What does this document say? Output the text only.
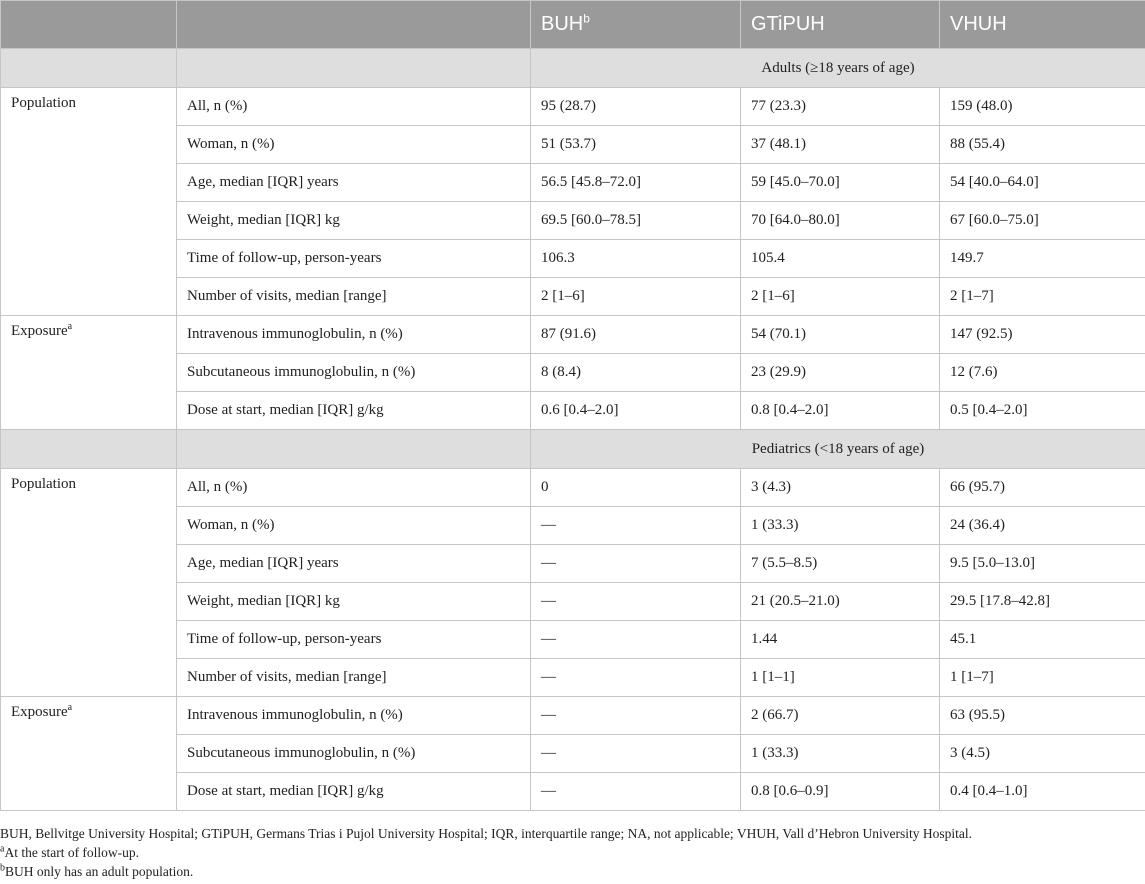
		BUH$^b$	GTiPUH	VHUH
		Adults (≥18 years of age)		
Population	All, n (%)	95 (28.7)	77 (23.3)	159 (48.0)
	Woman, n (%)	51 (53.7)	37 (48.1)	88 (55.4)
	Age, median [IQR] years	56.5 [45.8–72.0]	59 [45.0–70.0]	54 [40.0–64.0]
	Weight, median [IQR] kg	69.5 [60.0–78.5]	70 [64.0–80.0]	67 [60.0–75.0]
	Time of follow-up, person-years	106.3	105.4	149.7
	Number of visits, median [range]	2 [1–6]	2 [1–6]	2 [1–7]
Exposure$^a$	Intravenous immunoglobulin, n (%)	87 (91.6)	54 (70.1)	147 (92.5)
	Subcutaneous immunoglobulin, n (%)	8 (8.4)	23 (29.9)	12 (7.6)
	Dose at start, median [IQR] g/kg	0.6 [0.4–2.0]	0.8 [0.4–2.0]	0.5 [0.4–2.0]
		Pediatrics (<18 years of age)		
Population	All, n (%)	0	3 (4.3)	66 (95.7)
	Woman, n (%)	—	1 (33.3)	24 (36.4)
	Age, median [IQR] years	—	7 (5.5–8.5)	9.5 [5.0–13.0]
	Weight, median [IQR] kg	—	21 (20.5–21.0)	29.5 [17.8–42.8]
	Time of follow-up, person-years	—	1.44	45.1
	Number of visits, median [range]	—	1 [1–1]	1 [1–7]
Exposure$^a$	Intravenous immunoglobulin, n (%)	—	2 (66.7)	63 (95.5)
	Subcutaneous immunoglobulin, n (%)	—	1 (33.3)	3 (4.5)
	Dose at start, median [IQR] g/kg	—	0.8 [0.6–0.9]	0.4 [0.4–1.0]
BUH, Bellvitge University Hospital; GTiPUH, Germans Trias i Pujol University Hospital; IQR, interquartile range; NA, not applicable; VHUH, Vall d’Hebron University Hospital.
$^a$At the start of follow-up.
$^b$BUH only has an adult population.
